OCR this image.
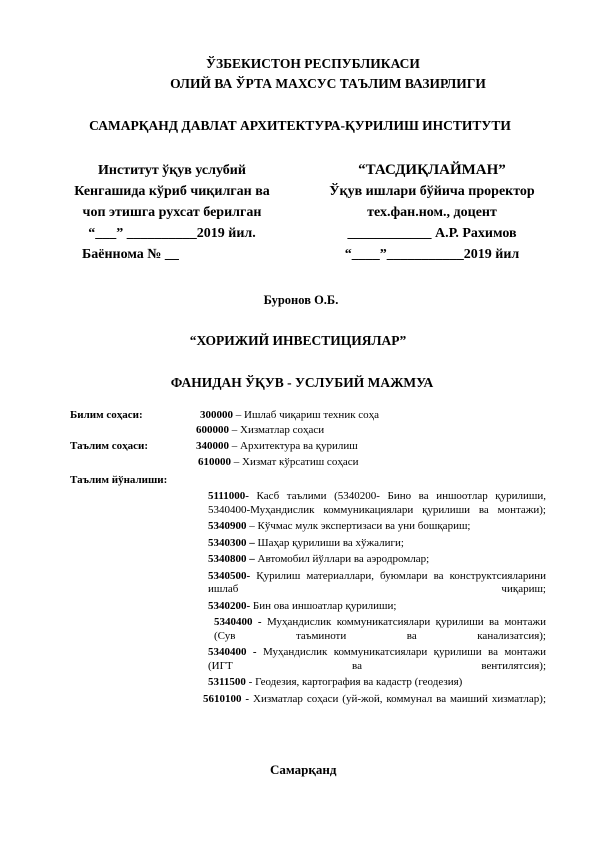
ЎЗБЕКИСТОН РЕСПУБЛИКАСИ
ОЛИЙ ВА ЎРТА МАХСУС ТАЪЛИМ ВАЗИРЛИГИ
САМАРҚАНД ДАВЛАТ АРХИТЕКТУРА-ҚУРИЛИШ ИНСТИТУТИ
Институт ўқув услубий
Кенгашида кўриб чиқилган ва
чоп этишга рухсат берилган
“___” __________2019 йил.
Баённома № __
“ТАСДИҚЛАЙМАН”
Ўқув ишлари бўйича проректор
тех.фан.ном., доцент
____________ А.Р. Рахимов
“____”___________2019 йил
Буронов О.Б.
“ХОРИЖИЙ ИНВЕСТИЦИЯЛАР”
ФАНИДАН ЎҚУВ - УСЛУБИЙ МАЖМУА
Билим соҳаси:	300000 – Ишлаб чиқариш техник соҳа
600000 – Хизматлар соҳаси
Таълим соҳаси:	340000 – Архитектура ва қурилиш
610000 – Хизмат кўрсатиш соҳаси
Таълим йўналиши:
5111000- Касб таълими (5340200- Бино ва иншоотлар қурилиши, 5340400-Муҳандислик коммуникациялари қурилиши ва монтажи);
5340900 – Кўчмас мулк экспертизаси ва уни бошқариш;
5340300 – Шаҳар қурилиши ва хўжалиги;
5340800 – Автомобил йўллари ва аэродромлар;
5340500- Қурилиш материаллари, буюмлари ва конструктсияларини ишлаб чиқариш;
5340200- Бин ова иншоатлар қурилиши;
5340400 - Муҳандислик коммуникатсиялари қурилиши ва монтажи (Сув таъминоти ва канализатсия);
5340400 - Муҳандислик коммуникатсиялари қурилиши ва монтажи (ИГТ ва вентилятсия);
5311500 - Геодезия, картография ва кадастр (геодезия)
5610100 - Хизматлар соҳаси (уй-жой, коммунал ва маиший хизматлар);
Самарқанд
